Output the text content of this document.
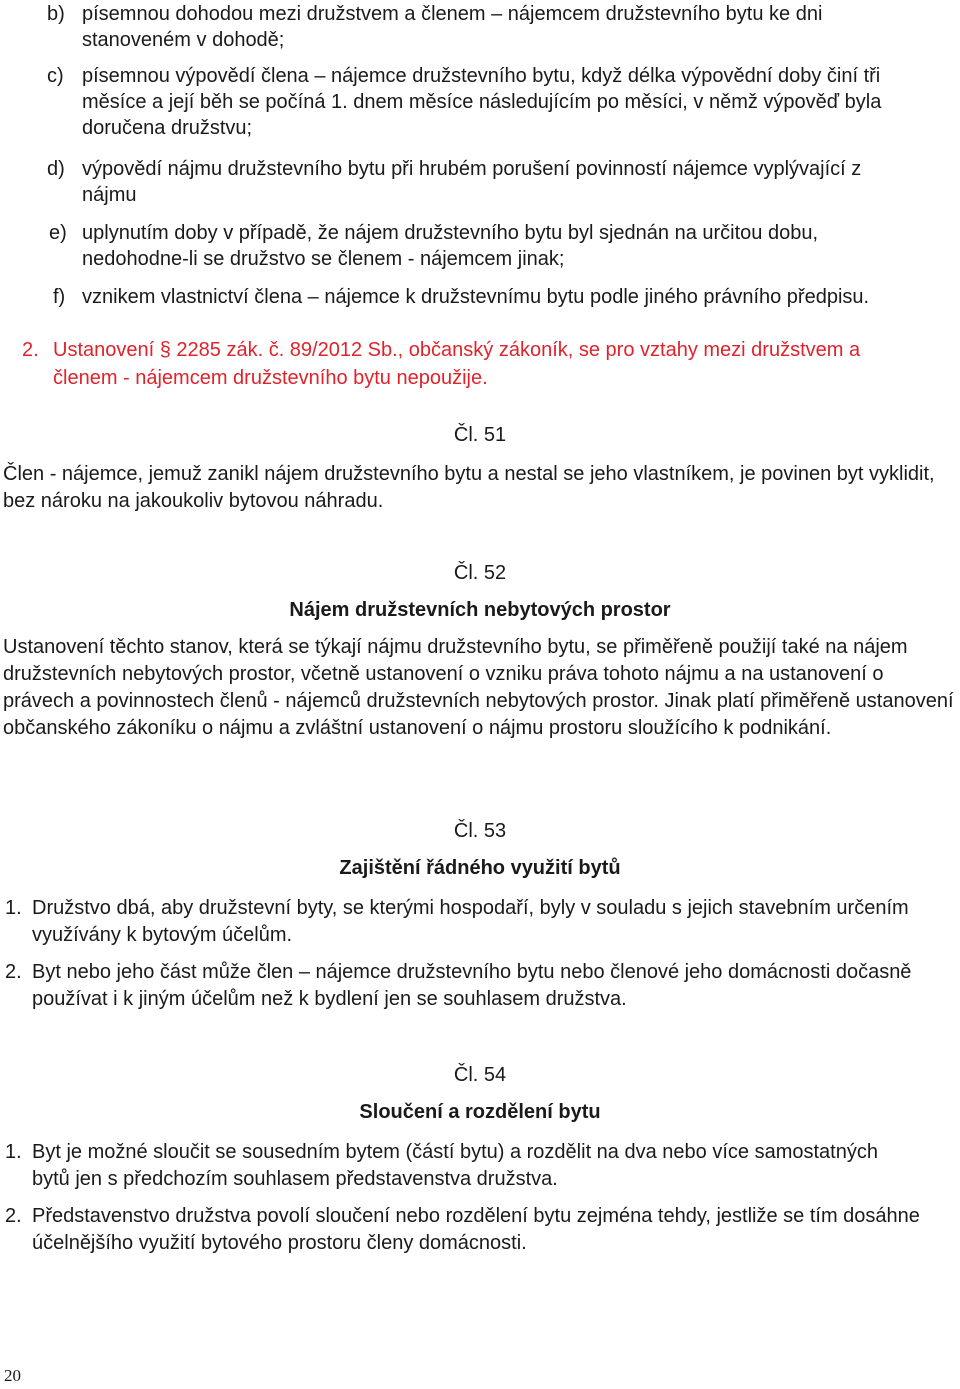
b) písemnou dohodou mezi družstvem a členem – nájemcem družstevního bytu ke dni stanoveném v dohodě;
c) písemnou výpovědí člena – nájemce družstevního bytu, když délka výpovědní doby činí tři měsíce a její běh se počíná 1. dnem měsíce následujícím po měsíci, v němž výpověď byla doručena družstvu;
d) výpovědí nájmu družstevního bytu při hrubém porušení povinností nájemce vyplývající z nájmu
e) uplynutím doby v případě, že nájem družstevního bytu byl sjednán na určitou dobu, nedohodne-li se družstvo se členem - nájemcem jinak;
f) vznikem vlastnictví člena – nájemce k družstevnímu bytu podle jiného právního předpisu.
2. Ustanovení § 2285 zák. č. 89/2012 Sb., občanský zákoník, se pro vztahy mezi družstvem a členem - nájemcem družstevního bytu nepoužije.
Čl. 51
Člen - nájemce, jemuž zanikl nájem družstevního bytu a nestal se jeho vlastníkem, je povinen byt vyklidit, bez nároku na jakoukoliv bytovou náhradu.
Čl. 52
Nájem družstevních nebytových prostor
Ustanovení těchto stanov, která se týkají nájmu družstevního bytu, se přiměřeně použijí také na nájem družstevních nebytových prostor, včetně ustanovení o vzniku práva tohoto nájmu a na ustanovení o právech a povinnostech členů - nájemců družstevních nebytových prostor. Jinak platí přiměřeně ustanovení občanského zákoníku o nájmu a zvláštní ustanovení o nájmu prostoru sloužícího k podnikání.
Čl. 53
Zajištění řádného využití bytů
1. Družstvo dbá, aby družstevní byty, se kterými hospodaří, byly v souladu s jejich stavebním určením využívány k bytovým účelům.
2. Byt nebo jeho část může člen – nájemce družstevního bytu nebo členové jeho domácnosti dočasně používat i k jiným účelům než k bydlení jen se souhlasem družstva.
Čl. 54
Sloučení a rozdělení bytu
1. Byt je možné sloučit se sousedním bytem (částí bytu) a rozdělit na dva nebo více samostatných bytů jen s předchozím souhlasem představenstva družstva.
2. Představenstvo družstva povolí sloučení nebo rozdělení bytu zejména tehdy, jestliže se tím dosáhne účelnějšího využití bytového prostoru členy domácnosti.
20
